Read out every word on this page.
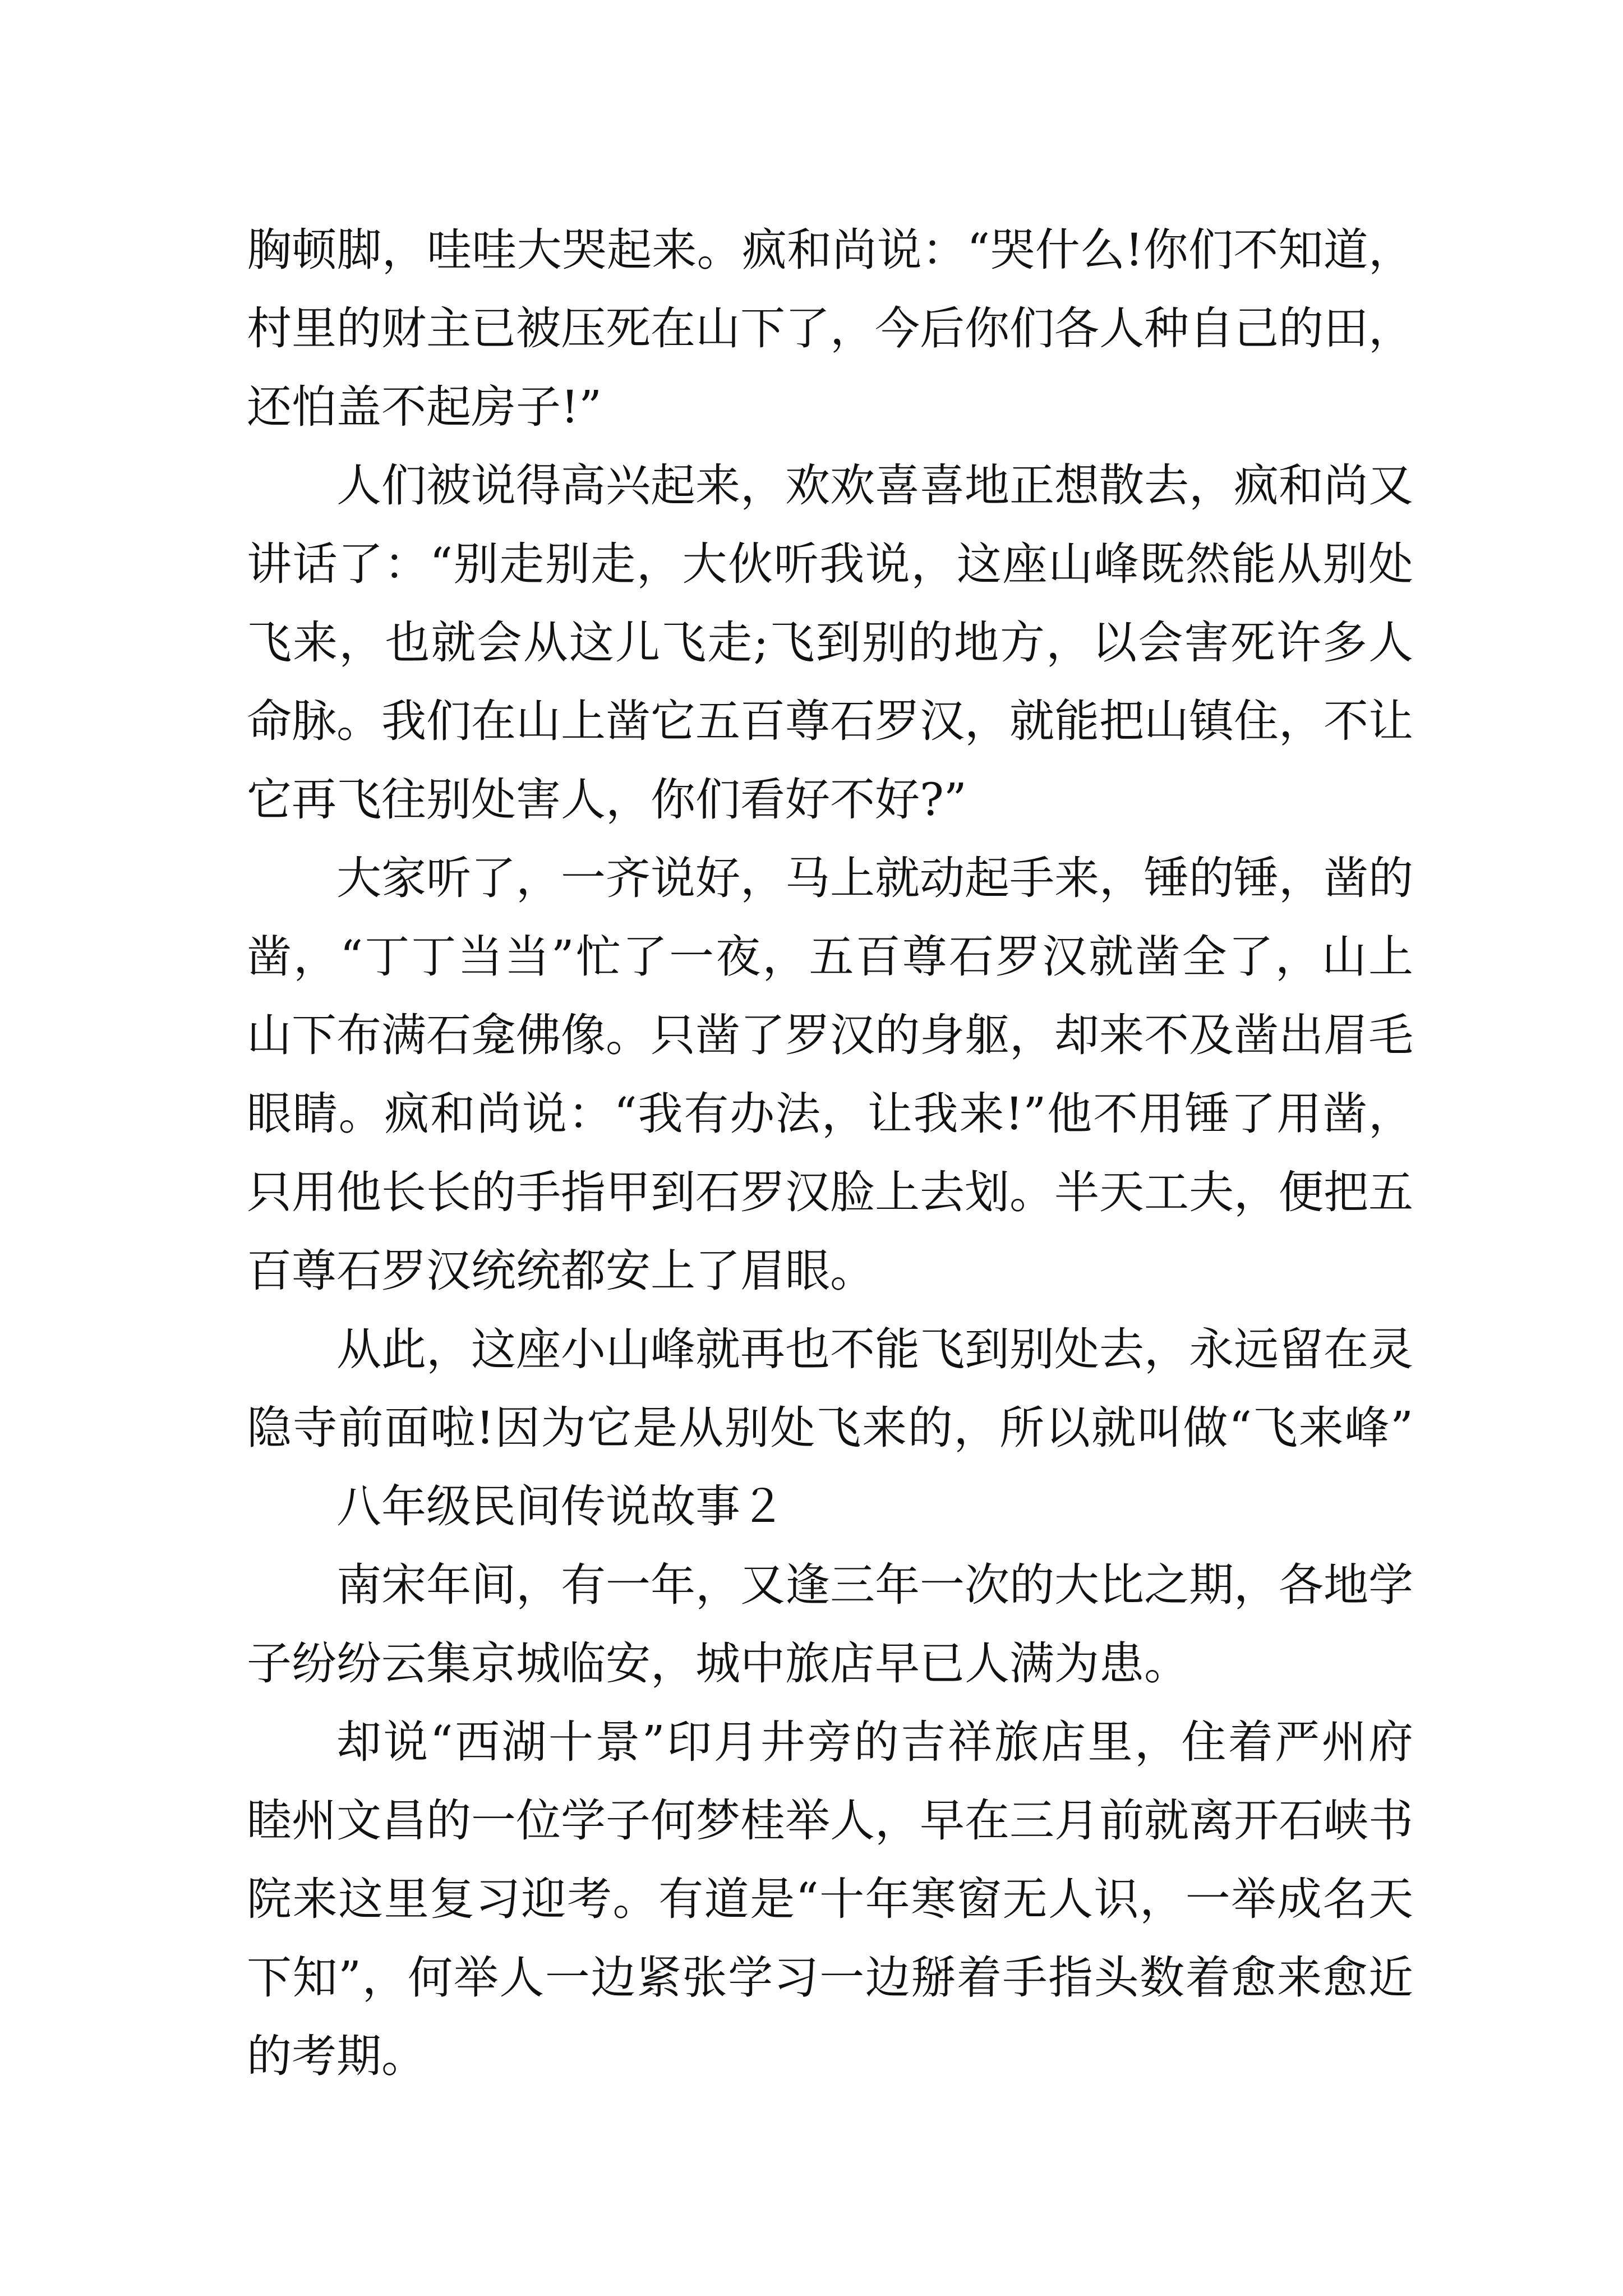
胸顿脚，哇哇大哭起来。疯和尚说：“哭什么!你们不知道，
村里的财主已被压死在山下了，今后你们各人种自己的田，
还怕盖不起房子!”
人们被说得高兴起来，欢欢喜喜地正想散去，疯和尚又
讲话了：“别走别走，大伙听我说，这座山峰既然能从别处
飞来，也就会从这儿飞走;飞到别的地方，以会害死许多人
命脉。我们在山上凿它五百尊石罗汉，就能把山镇住，不让
它再飞往别处害人，你们看好不好?”
大家听了，一齐说好，马上就动起手来，锤的锤，凿的
凿，“丁丁当当”忙了一夜，五百尊石罗汉就凿全了，山上
山下布满石龛佛像。只凿了罗汉的身躯，却来不及凿出眉毛
眼睛。疯和尚说：“我有办法，让我来!”他不用锤了用凿，
只用他长长的手指甲到石罗汉脸上去划。半天工夫，便把五
百尊石罗汉统统都安上了眉眼。
从此，这座小山峰就再也不能飞到别处去，永远留在灵
隐寺前面啦!因为它是从别处飞来的，所以就叫做“飞来峰”
八年级民间传说故事２
南宋年间，有一年，又逢三年一次的大比之期，各地学
子纷纷云集京城临安，城中旅店早已人满为患。
却说“西湖十景”印月井旁的吉祥旅店里，住着严州府
睦州文昌的一位学子何梦桂举人，早在三月前就离开石峡书
院来这里复习迎考。有道是“十年寒窗无人识，一举成名天
下知”，何举人一边紧张学习一边掰着手指头数着愈来愈近
的考期。
